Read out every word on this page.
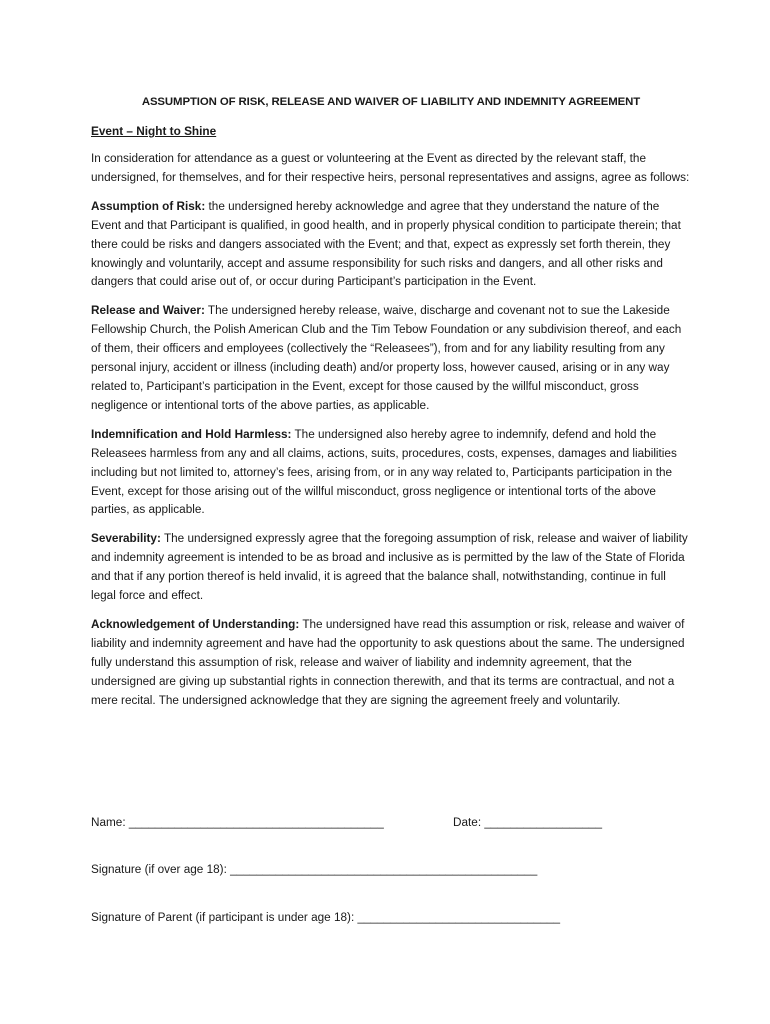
ASSUMPTION OF RISK, RELEASE AND WAIVER OF LIABILITY AND INDEMNITY AGREEMENT
Event – Night to Shine

In consideration for attendance as a guest or volunteering at the Event as directed by the relevant staff, the undersigned, for themselves, and for their respective heirs, personal representatives and assigns, agree as follows:

Assumption of Risk: the undersigned hereby acknowledge and agree that they understand the nature of the Event and that Participant is qualified, in good health, and in properly physical condition to participate therein; that there could be risks and dangers associated with the Event; and that, expect as expressly set forth therein, they knowingly and voluntarily, accept and assume responsibility for such risks and dangers, and all other risks and dangers that could arise out of, or occur during Participant’s participation in the Event.

Release and Waiver: The undersigned hereby release, waive, discharge and covenant not to sue the Lakeside Fellowship Church, the Polish American Club and the Tim Tebow Foundation or any subdivision thereof, and each of them, their officers and employees (collectively the “Releasees”), from and for any liability resulting from any personal injury, accident or illness (including death) and/or property loss, however caused, arising or in any way related to, Participant’s participation in the Event, except for those caused by the willful misconduct, gross negligence or intentional torts of the above parties, as applicable.

Indemnification and Hold Harmless: The undersigned also hereby agree to indemnify, defend and hold the Releasees harmless from any and all claims, actions, suits, procedures, costs, expenses, damages and liabilities including but not limited to, attorney’s fees, arising from, or in any way related to, Participants participation in the Event, except for those arising out of the willful misconduct, gross negligence or intentional torts of the above parties, as applicable.

Severability: The undersigned expressly agree that the foregoing assumption of risk, release and waiver of liability and indemnity agreement is intended to be as broad and inclusive as is permitted by the law of the State of Florida and that if any portion thereof is held invalid, it is agreed that the balance shall, notwithstanding, continue in full legal force and effect.

Acknowledgement of Understanding: The undersigned have read this assumption or risk, release and waiver of liability and indemnity agreement and have had the opportunity to ask questions about the same. The undersigned fully understand this assumption of risk, release and waiver of liability and indemnity agreement, that the undersigned are giving up substantial rights in connection therewith, and that its terms are contractual, and not a mere recital. The undersigned acknowledge that they are signing the agreement freely and voluntarily.

Name: _______________________________________	Date: __________________
Signature (if over age 18): _______________________________________________
Signature of Parent (if participant is under age 18): _______________________________
